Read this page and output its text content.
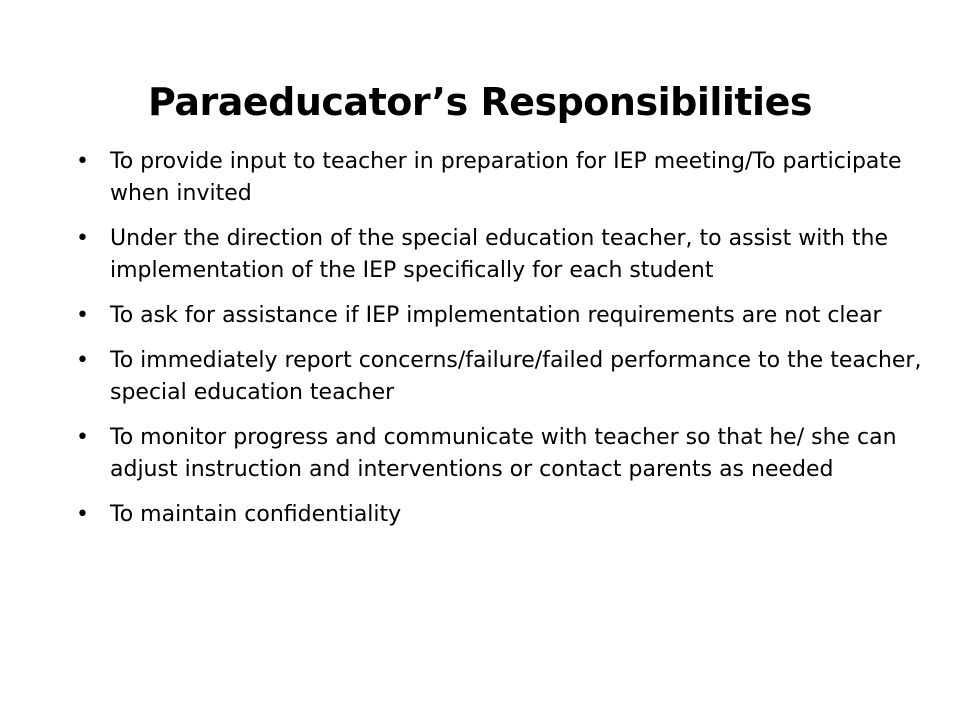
Paraeducator’s Responsibilities
• To provide input to teacher in preparation for IEP meeting/To participate when invited
• Under the direction of the special education teacher, to assist with the implementation of the IEP specifically for each student
• To ask for assistance if IEP implementation requirements are not clear
• To immediately report concerns/failure/failed performance to the teacher, special education teacher
• To monitor progress and communicate with teacher so that he/ she can adjust instruction and interventions or contact parents as needed
• To maintain confidentiality
